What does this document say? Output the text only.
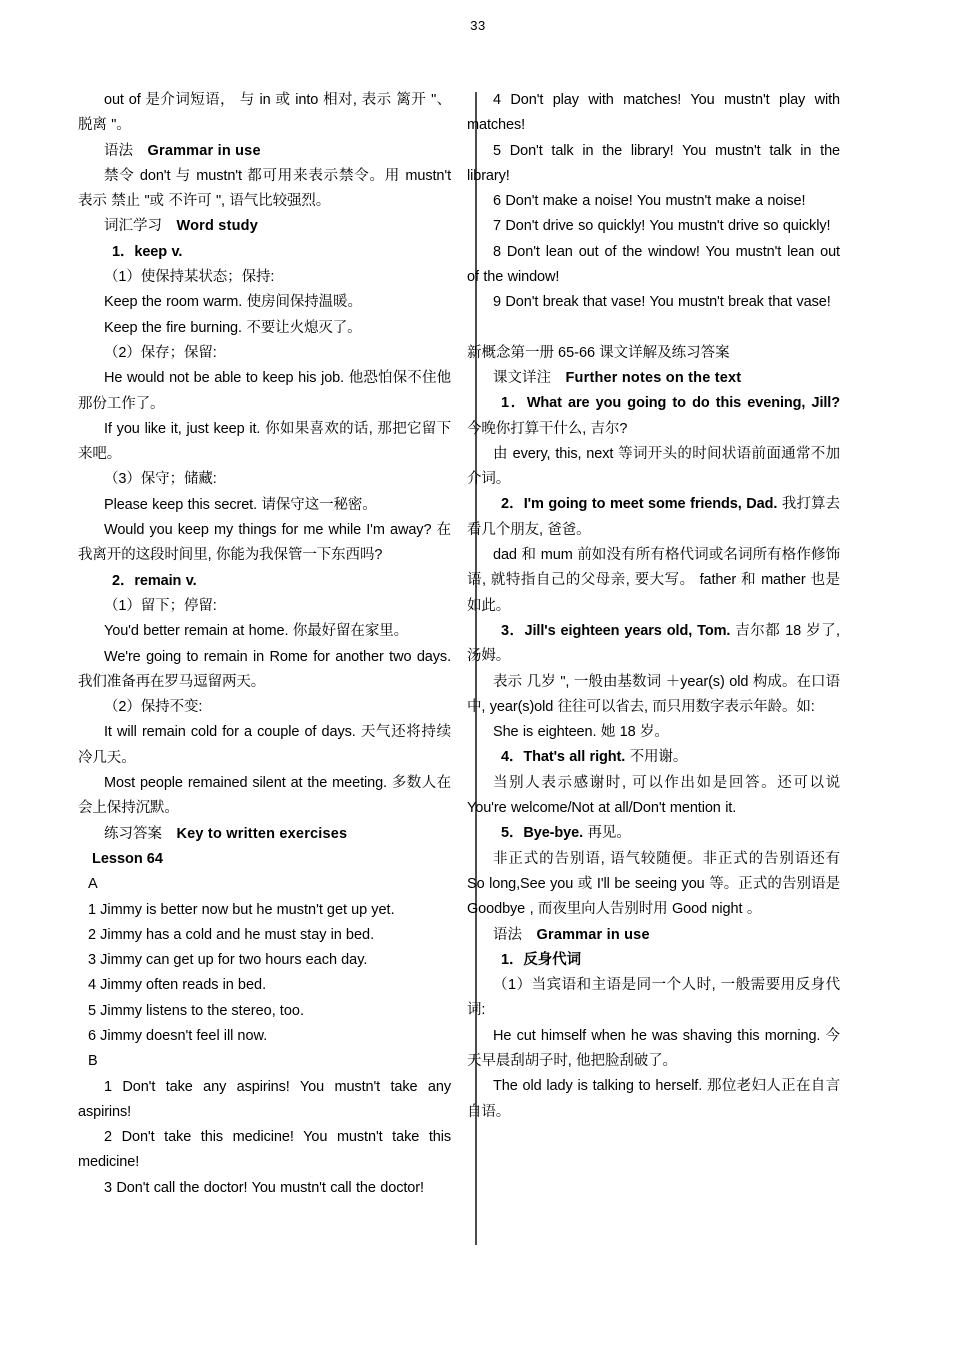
33

out of 是介词短语， 与 in 或 into 相对, 表示 篱开 "、 脱离 "。

语法  Grammar in use

禁令 don't 与 mustn't 都可用来表示禁令。用 mustn't 表示 禁止 "或 不许可 ", 语气比较强烈。

词汇学习  Word study

1．keep v.

（1）使保持某状态；保持:

Keep the room warm. 使房间保持温暖。

Keep the fire burning. 不要让火熄灭了。

（2）保存；保留:

He would not be able to keep his job. 他恐怕保不住他那份工作了。

If you like it, just keep it. 你如果喜欢的话, 那把它留下来吧。

（3）保守；储藏:

Please keep this secret. 请保守这一秘密。

Would you keep my things for me while I'm away? 在我离开的这段时间里, 你能为我保管一下东西吗?

2．remain v.

（1）留下；停留:

You'd better remain at home. 你最好留在家里。

We're going to remain in Rome for another two days. 我们准备再在罗马逗留两天。

（2）保持不变:

It will remain cold for a couple of days. 天气还将持续冷几天。

Most people remained silent at the meeting. 多数人在会上保持沉默。

练习答案  Key to written exercises

Lesson 64

A

1 Jimmy is better now but he mustn't get up yet.

2 Jimmy has a cold and he must stay in bed.

3 Jimmy can get up for two hours each day.

4 Jimmy often reads in bed.

5 Jimmy listens to the stereo, too.

6 Jimmy doesn't feel ill now.

B

1 Don't take any aspirins! You mustn't take any aspirins!

2 Don't take this medicine! You mustn't take this medicine!

3 Don't call the doctor! You mustn't call the doctor!

4 Don't play with matches! You mustn't play with matches!

5 Don't talk in the library! You mustn't talk in the library!

6 Don't make a noise! You mustn't make a noise!

7 Don't drive so quickly! You mustn't drive so quickly!

8 Don't lean out of the window! You mustn't lean out of the window!

9 Don't break that vase! You mustn't break that vase!

新概念第一册 65-66 课文详解及练习答案

课文详注  Further notes on the text

1．What are you going to do this evening, Jill? 今晚你打算干什么, 吉尔?

由 every, this, next 等词开头的时间状语前面通常不加介词。

2．I'm going to meet some friends, Dad. 我打算去看几个朋友, 爸爸。

dad 和 mum 前如没有所有格代词或名词所有格作修饰语, 就特指自己的父母亲, 要大写。 father 和 mather 也是如此。

3．Jill's eighteen years old, Tom. 吉尔都 18 岁了, 汤姆。

表示 几岁 ", 一般由基数词 ＋year(s) old 构成。在口语中, year(s)old 往往可以省去, 而只用数字表示年龄。如:

She is eighteen. 她 18 岁。

4．That's all right. 不用谢。

当别人表示感谢时, 可以作出如是回答。还可以说 You're welcome/Not at all/Don't mention it.

5．Bye-bye. 再见。

非正式的告别语, 语气较随便。非正式的告别语还有 So long,See you 或 I'll be seeing you 等。正式的告别语是 Goodbye , 而夜里向人告别时用 Good night 。

语法  Grammar in use

1．反身代词

（1）当宾语和主语是同一个人时, 一般需要用反身代词:

He cut himself when he was shaving this morning. 今天早晨刮胡子时, 他把脸刮破了。

The old lady is talking to herself. 那位老妇人正在自言自语。
